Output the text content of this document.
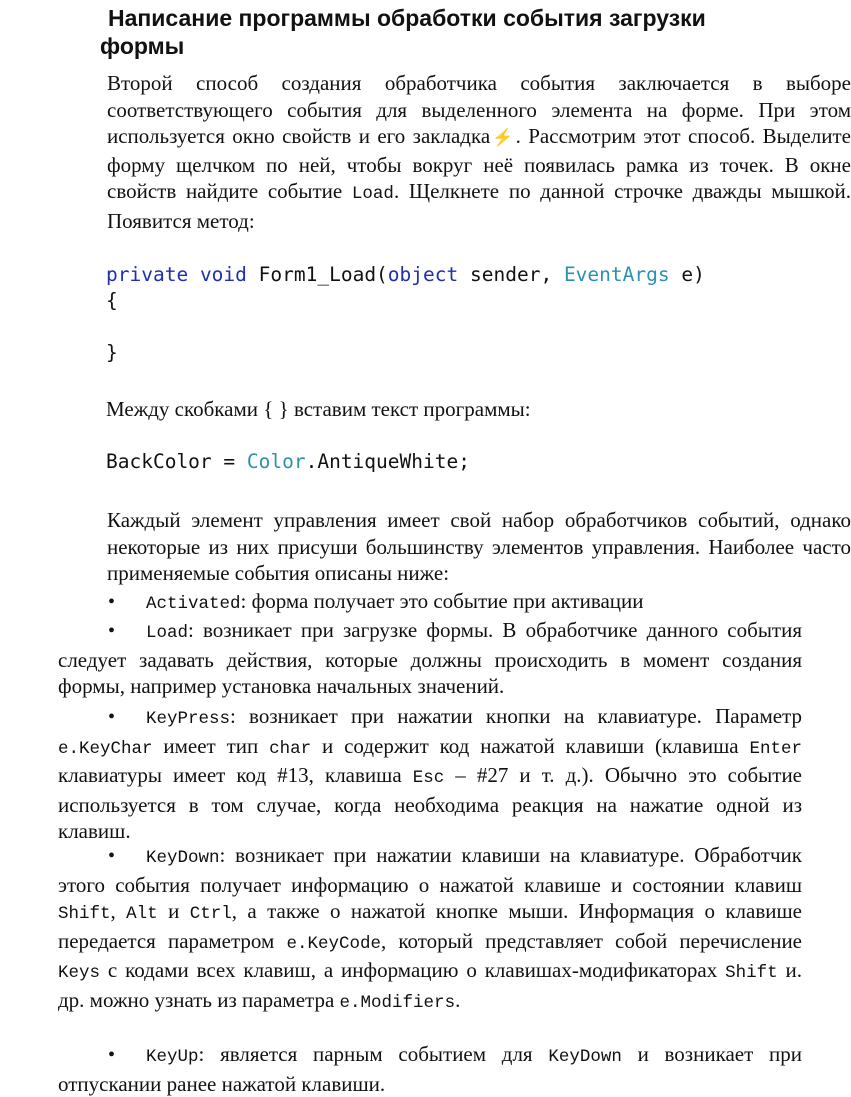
Написание программы обработки события загрузки
формы
Второй способ создания обработчика события заключается в выборе соответствующего события для выделенного элемента на форме. При этом используется окно свойств и его закладка⚡. Рассмотрим этот способ. Выделите форму щелчком по ней, чтобы вокруг неё появилась рамка из точек. В окне свойств найдите событие Load. Щелкнете по данной строчке дважды мышкой. Появится метод:
private void Form1_Load(object sender, EventArgs e)
{

}
Между скобками { } вставим текст программы:
BackColor = Color.AntiqueWhite;
Каждый элемент управления имеет свой набор обработчиков событий, однако некоторые из них присуши большинству элементов управления. Наиболее часто применяемые события описаны ниже:
• Activated: форма получает это событие при активации
• Load: возникает при загрузке формы. В обработчике данного события следует задавать действия, которые должны происходить в момент создания формы, например установка начальных значений.
• KeyPress: возникает при нажатии кнопки на клавиатуре. Параметр e.KeyChar имеет тип char и содержит код нажатой клавиши (клавиша Enter клавиатуры имеет код #13, клавиша Esc – #27 и т. д.). Обычно это событие используется в том случае, когда необходима реакция на нажатие одной из клавиш.
• KeyDown: возникает при нажатии клавиши на клавиатуре. Обработчик этого события получает информацию о нажатой клавише и состоянии клавиш Shift, Alt и Ctrl, а также о нажатой кнопке мыши. Информация о клавише передается параметром e.KeyCode, который представляет собой перечисление Keys с кодами всех клавиш, а информацию о клавишах-модификаторах Shift и. др. можно узнать из параметра e.Modifiers.
• KeyUp: является парным событием для KeyDown и возникает при отпускании ранее нажатой клавиши.
